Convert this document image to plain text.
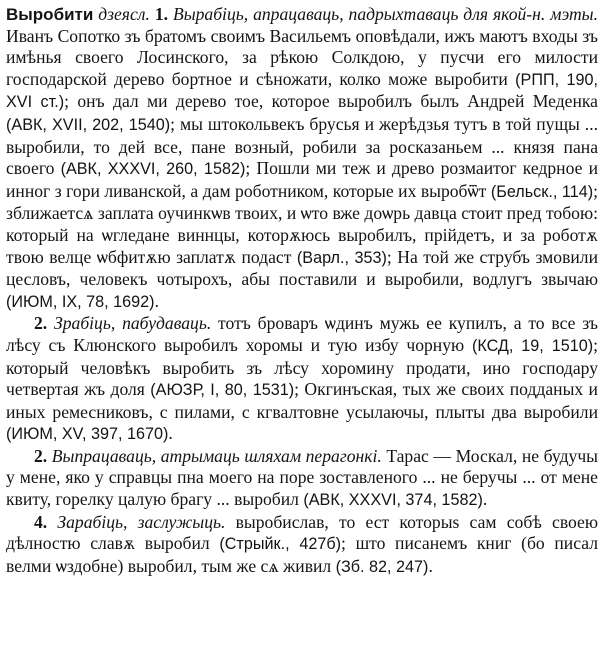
Выробити дзеясл. 1. Вырабіць, апрацаваць, падрыхтаваць для якой-н. мэты. Иванъ Сопотко зъ братомъ своимъ Васильемъ оповѣдали, ижъ маютъ входы зъ имѣнья своего Лосинского, за рѣкою Солкдою, у пусчи его милости господарской дерево бортное и сѣножати, колко може выробити (РПП, 190, XVI ст.); онъ дал ми дерево тое, которое выробилъ былъ Андрей Меденка (АВК, XVII, 202, 1540); мы штокольвекъ брусья и жерѣдзья тутъ в той пущы ... выробили, то дей все, пане возный, робили за росказаньем ... князя пана своего (АВК, XXXVI, 260, 1582); Пошли ми теж и древо розмаитог кедрное и инног з гори ливанской, а дам роботником, которые их выробѿт (Бельск., 114); зближаетсѧ заплата оучинкѡв твоих, и ѡто вже доѡрь давца стоит пред тобою: который на ѡгледане виннцы, которѫюсь выробилъ, прійдетъ, и за роботѫ твою велце ѡбфитѫю заплатѫ подаст (Варл., 353); На той же струбъ змовили цесловъ, человекъ чотырохъ, абы поставили и выробили, водлугъ звычаю (ИЮМ, IX, 78, 1692).

2. Зрабіць, пабудаваць. тотъ броваръ ѡдинъ мужь ее купилъ, а то все зъ лѣсу съ Клюнского выробилъ хоромы и тую избу чорную (КСД, 19, 1510); который человѣкъ выробить зъ лѣсу хоромину продати, ино господару четвертая жъ доля (АЮЗР, I, 80, 1531); Окгинъская, тых же своих подданых и иных ремесниковъ, с пилами, с кгвалтовне усылаючы, плыты два выробили (ИЮМ, XV, 397, 1670).

2. Выпрацаваць, атрымаць шляхам перагонкі. Тарас — Москал, не будучы у мене, яко у справцы пна моего на поре зоставленого ... не беручы ... от мене квиту, горелку цалую брагу ... выробил (АВК, XXXVI, 374, 1582).

4. Зарабіць, заслужыць. выробислав, то ест которыs сам собѣ своею дѣлностю славѫ выробил (Стрыйк., 427б); што писанемъ книг (бо писал велми ѡздобне) выробил, тым же сѧ живил (Зб. 82, 247).
